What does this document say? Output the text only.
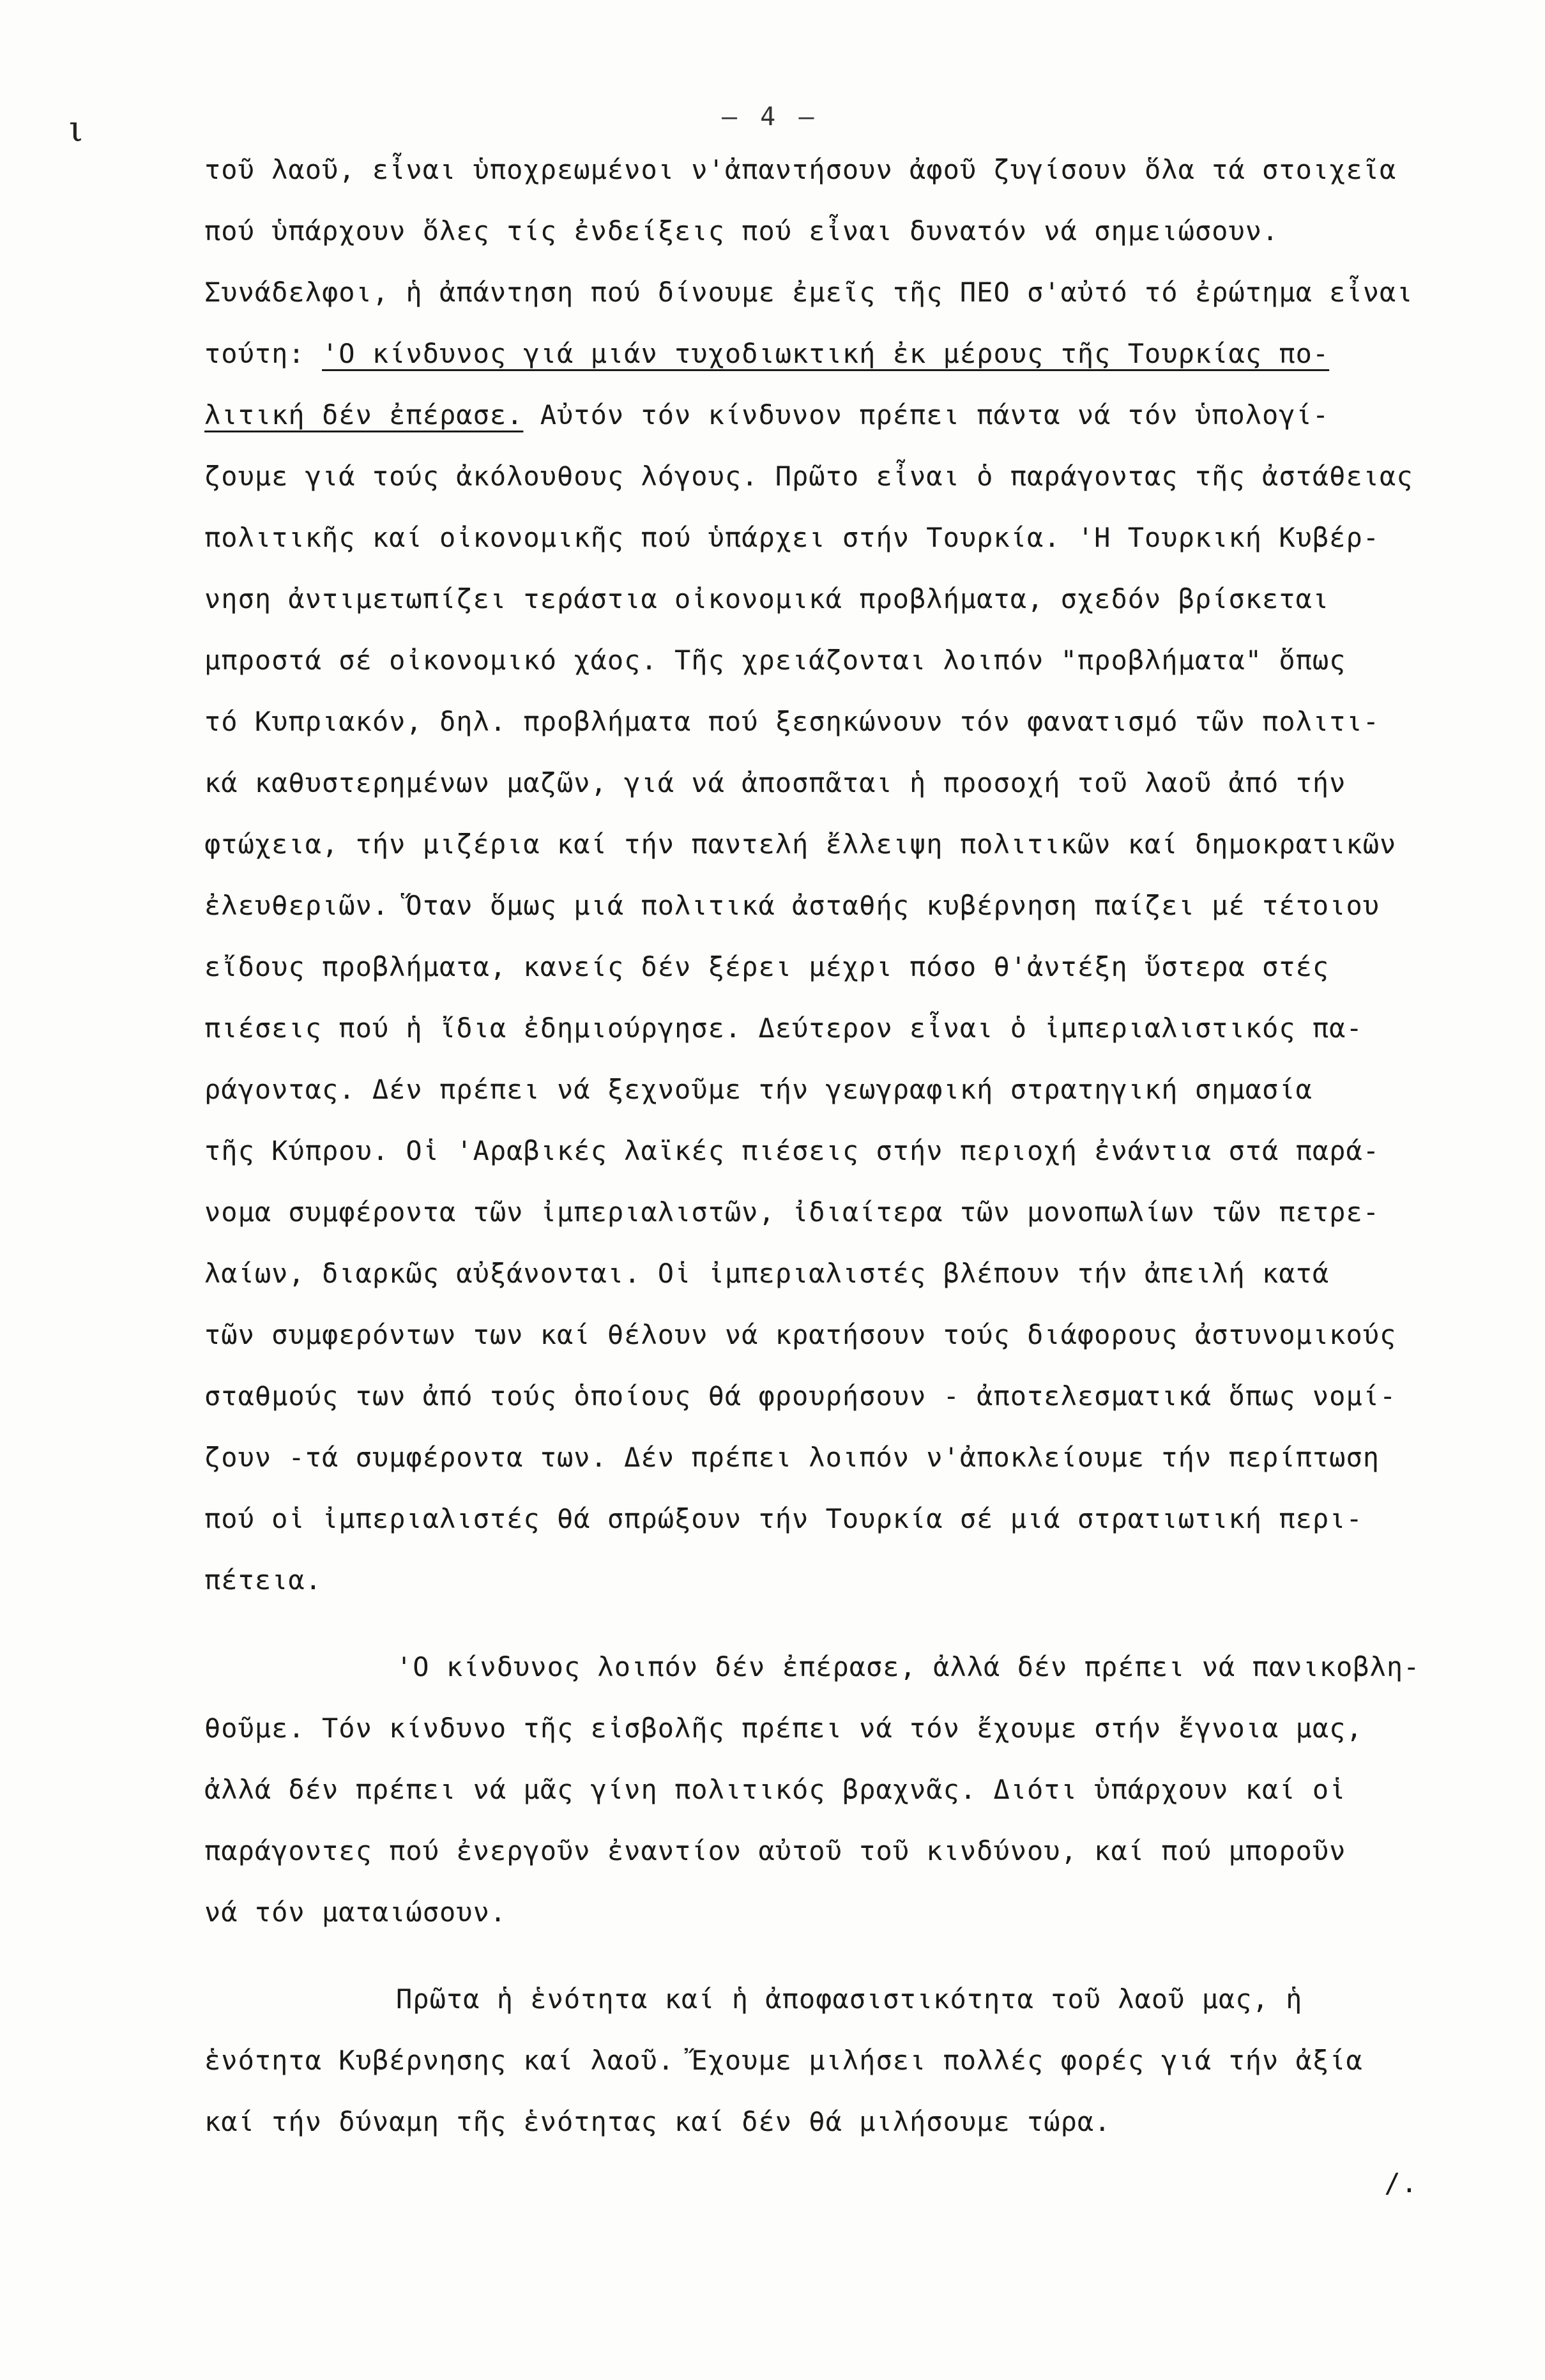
ι	– 4 –
τοῦ λαοῦ, εἶναι ὑποχρεωμένοι ν'ἀπαντήσουν ἀφοῦ ζυγίσουν ὅλα τά στοιχεῖα
πού ὑπάρχουν ὅλες τίς ἐνδείξεις πού εἶναι δυνατόν νά σημειώσουν.
Συνάδελφοι, ἡ ἀπάντηση πού δίνουμε ἐμεῖς τῆς ΠΕΟ σ'αὐτό τό ἐρώτημα εἶναι
τούτη: 'Ο κίνδυνος γιά μιάν τυχοδιωκτική ἐκ μέρους τῆς Τουρκίας πο-
λιτική δέν ἐπέρασε. Αὐτόν τόν κίνδυνον πρέπει πάντα νά τόν ὑπολογί-
ζουμε γιά τούς ἀκόλουθους λόγους. Πρῶτο εἶναι ὁ παράγοντας τῆς ἀστάθειας
πολιτικῆς καί οἰκονομικῆς πού ὑπάρχει στήν Τουρκία. 'Η Τουρκική Κυβέρ-
νηση ἀντιμετωπίζει τεράστια οἰκονομικά προβλήματα, σχεδόν βρίσκεται
μπροστά σέ οἰκονομικό χάος. Τῆς χρειάζονται λοιπόν "προβλήματα" ὅπως
τό Κυπριακόν, δηλ. προβλήματα πού ξεσηκώνουν τόν φανατισμό τῶν πολιτι-
κά καθυστερημένων μαζῶν, γιά νά ἀποσπᾶται ἡ προσοχή τοῦ λαοῦ ἀπό τήν
φτώχεια, τήν μιζέρια καί τήν παντελή ἔλλειψη πολιτικῶν καί δημοκρατικῶν
ἐλευθεριῶν. Ὅταν ὅμως μιά πολιτικά ἀσταθής κυβέρνηση παίζει μέ τέτοιου
εἴδους προβλήματα, κανείς δέν ξέρει μέχρι πόσο θ'ἀντέξη ὕστερα στές
πιέσεις πού ἡ ἴδια ἐδημιούργησε. Δεύτερον εἶναι ὁ ἰμπεριαλιστικός πα-
ράγοντας. Δέν πρέπει νά ξεχνοῦμε τήν γεωγραφική στρατηγική σημασία
τῆς Κύπρου. Οἱ 'Αραβικές λαϊκές πιέσεις στήν περιοχή ἐνάντια στά παρά-
νομα συμφέροντα τῶν ἰμπεριαλιστῶν, ἰδιαίτερα τῶν μονοπωλίων τῶν πετρε-
λαίων, διαρκῶς αὐξάνονται. Οἱ ἰμπεριαλιστές βλέπουν τήν ἀπειλή κατά
τῶν συμφερόντων των καί θέλουν νά κρατήσουν τούς διάφορους ἀστυνομικούς
σταθμούς των ἀπό τούς ὁποίους θά φρουρήσουν - ἀποτελεσματικά ὅπως νομί-
ζουν -τά συμφέροντα των. Δέν πρέπει λοιπόν ν'ἀποκλείουμε τήν περίπτωση
πού οἱ ἰμπεριαλιστές θά σπρώξουν τήν Τουρκία σέ μιά στρατιωτική περι-
πέτεια.
'Ο κίνδυνος λοιπόν δέν ἐπέρασε, ἀλλά δέν πρέπει νά πανικοβλη-
θοῦμε. Τόν κίνδυνο τῆς εἰσβολῆς πρέπει νά τόν ἔχουμε στήν ἔγνοια μας,
ἀλλά δέν πρέπει νά μᾶς γίνη πολιτικός βραχνᾶς. Διότι ὑπάρχουν καί οἱ
παράγοντες πού ἐνεργοῦν ἐναντίον αὐτοῦ τοῦ κινδύνου, καί πού μποροῦν
νά τόν ματαιώσουν.
Πρῶτα ἡ ἑνότητα καί ἡ ἀποφασιστικότητα τοῦ λαοῦ μας, ἡ
ἑνότητα Κυβέρνησης καί λαοῦ. Ἔχουμε μιλήσει πολλές φορές γιά τήν ἀξία
καί τήν δύναμη τῆς ἑνότητας καί δέν θά μιλήσουμε τώρα.
/.
